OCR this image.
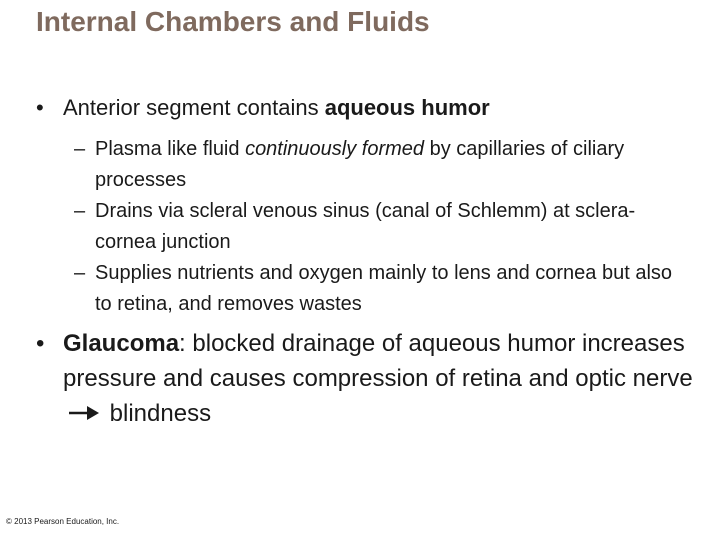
Internal Chambers and Fluids
• Anterior segment contains aqueous humor
– Plasma like fluid continuously formed by capillaries of ciliary processes
– Drains via scleral venous sinus (canal of Schlemm) at sclera-cornea junction
– Supplies nutrients and oxygen mainly to lens and cornea but also to retina, and removes wastes
• Glaucoma: blocked drainage of aqueous humor increases pressure and causes compression of retina and optic nerve  blindness
© 2013 Pearson Education, Inc.
